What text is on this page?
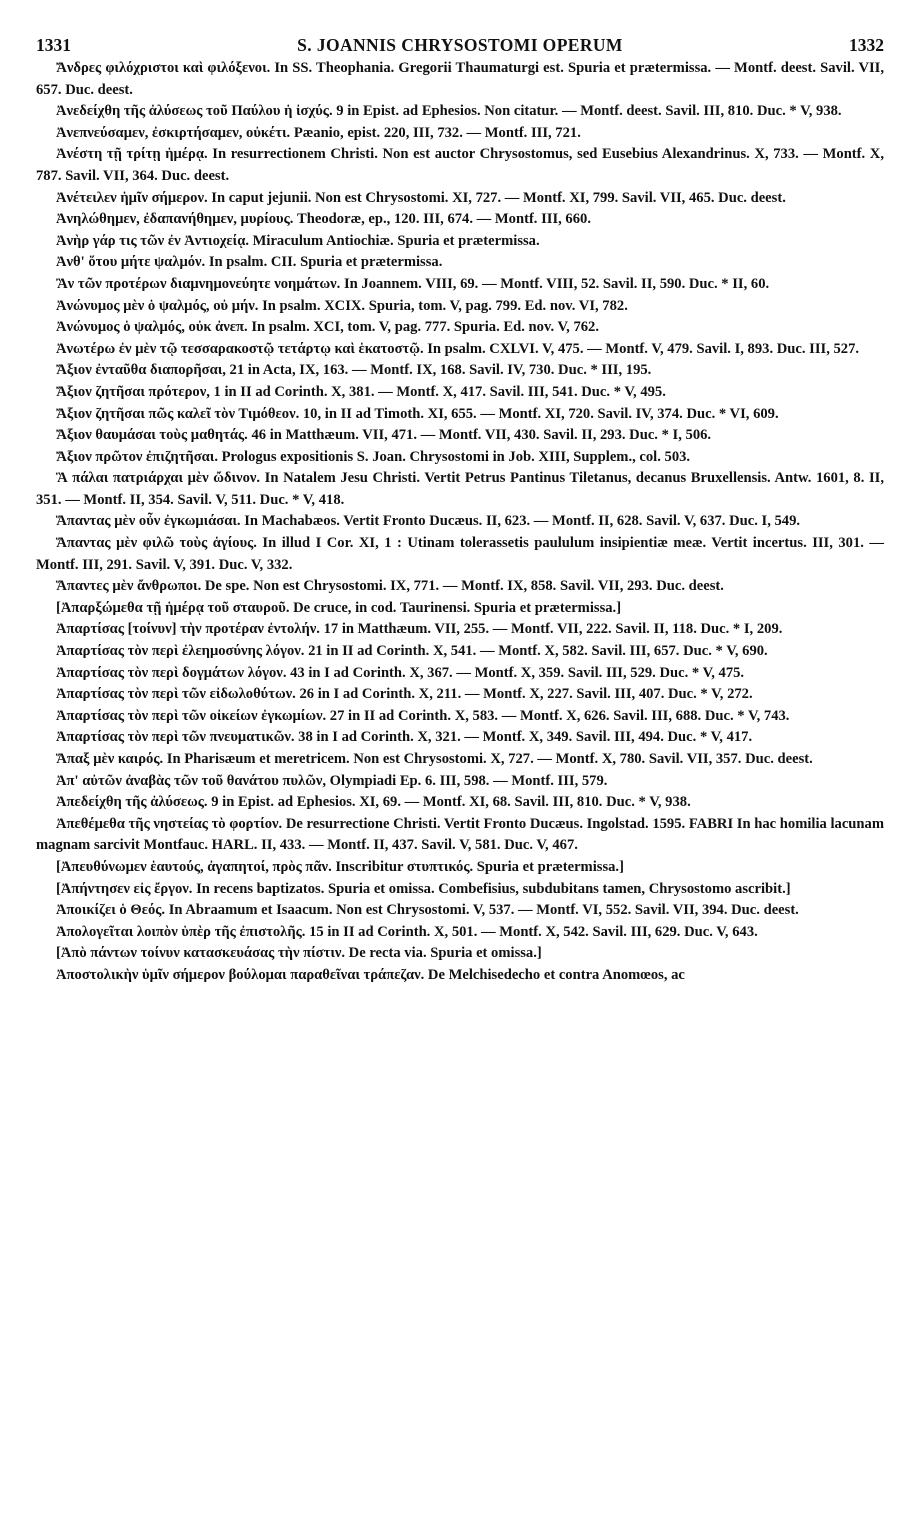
1331	S. JOANNIS CHRYSOSTOMI OPERUM	1332

Ἄνδρες φιλόχριστοι καὶ φιλόξενοι. In SS. Theophania. Gregorii Thaumaturgi est. Spuria et prætermissa. — Montf. deest. Savil. VII, 657. Duc. deest.

Ἀνεδείχθη τῆς ἀλύσεως τοῦ Παύλου ἡ ἰσχύς. 9 in Epist. ad Ephesios. Non citatur. — Montf. deest. Savil. III, 810. Duc. * V, 938.

Ἀνεπνεύσαμεν, ἐσκιρτήσαμεν, οὐκέτι. Pæanio, epist. 220, III, 732. — Montf. III, 721.

Ἀνέστη τῇ τρίτῃ ἡμέρᾳ. In resurrectionem Christi. Non est auctor Chrysostomus, sed Eusebius Alexandrinus. X, 733. — Montf. X, 787. Savil. VII, 364. Duc. deest.

Ἀνέτειλεν ἡμῖν σήμερον. In caput jejunii. Non est Chrysostomi. XI, 727. — Montf. XI, 799. Savil. VII, 465. Duc. deest.

Ἀνηλώθημεν, ἐδαπανήθημεν, μυρίους. Theodoræ, ep., 120. III, 674. — Montf. III, 660.

Ἀνὴρ γάρ τις τῶν ἐν Ἀντιοχείᾳ. Miraculum Antiochiæ. Spuria et prætermissa.

Ἀνθ' ὅτου μήτε ψαλμόν. In psalm. CII. Spuria et prætermissa.

Ἂν τῶν προτέρων διαμνημονεύητε νοημάτων. In Joannem. VIII, 69. — Montf. VIII, 52. Savil. II, 590. Duc. * II, 60.

Ἀνώνυμος μὲν ὁ ψαλμός, οὐ μήν. In psalm. XCIX. Spuria, tom. V, pag. 799. Ed. nov. VI, 782.

Ἀνώνυμος ὁ ψαλμός, οὐκ ἀνεπ. In psalm. XCI, tom. V, pag. 777. Spuria. Ed. nov. V, 762.

Ἀνωτέρω ἐν μὲν τῷ τεσσαρακοστῷ τετάρτῳ καὶ ἑκατοστῷ. In psalm. CXLVI. V, 475. — Montf. V, 479. Savil. I, 893. Duc. III, 527.

Ἄξιον ἐνταῦθα διαπορῆσαι, 21 in Acta, IX, 163. — Montf. IX, 168. Savil. IV, 730. Duc. * III, 195.

Ἄξιον ζητῆσαι πρότερον, 1 in II ad Corinth. X, 381. — Montf. X, 417. Savil. III, 541. Duc. * V, 495.

Ἄξιον ζητῆσαι πῶς καλεῖ τὸν Τιμόθεον. 10, in II ad Timoth. XI, 655. — Montf. XI, 720. Savil. IV, 374. Duc. * VI, 609.

Ἄξιον θαυμάσαι τοὺς μαθητάς. 46 in Matthæum. VII, 471. — Montf. VII, 430. Savil. II, 293. Duc. * I, 506.

Ἄξιον πρῶτον ἐπιζητῆσαι. Prologus expositionis S. Joan. Chrysostomi in Job. XIII, Supplem., col. 503.

Ἃ πάλαι πατριάρχαι μὲν ὤδινον. In Natalem Jesu Christi. Vertit Petrus Pantinus Tiletanus, decanus Bruxellensis. Antw. 1601, 8. II, 351. — Montf. II, 354. Savil. V, 511. Duc. * V, 418.

Ἅπαντας μὲν οὖν ἐγκωμιάσαι. In Machabæos. Vertit Fronto Ducæus. II, 623. — Montf. II, 628. Savil. V, 637. Duc. I, 549.

Ἅπαντας μὲν φιλῶ τοὺς ἁγίους. In illud I Cor. XI, 1 : Utinam tolerassetis paululum insipientiæ meæ. Vertit incertus. III, 301. — Montf. III, 291. Savil. V, 391. Duc. V, 332.

Ἅπαντες μὲν ἄνθρωποι. De spe. Non est Chrysostomi. IX, 771. — Montf. IX, 858. Savil. VII, 293. Duc. deest.

[Ἀπαρξώμεθα τῇ ἡμέρᾳ τοῦ σταυροῦ. De cruce, in cod. Taurinensi. Spuria et prætermissa.]

Ἀπαρτίσας [τοίνυν] τὴν προτέραν ἐντολήν. 17 in Matthæum. VII, 255. — Montf. VII, 222. Savil. II, 118. Duc. * I, 209.

Ἀπαρτίσας τὸν περὶ ἐλεημοσύνης λόγον. 21 in II ad Corinth. X, 541. — Montf. X, 582. Savil. III, 657. Duc. * V, 690.

Ἀπαρτίσας τὸν περὶ δογμάτων λόγον. 43 in I ad Corinth. X, 367. — Montf. X, 359. Savil. III, 529. Duc. * V, 475.

Ἀπαρτίσας τὸν περὶ τῶν εἰδωλοθύτων. 26 in I ad Corinth. X, 211. — Montf. X, 227. Savil. III, 407. Duc. * V, 272.

Ἀπαρτίσας τὸν περὶ τῶν οἰκείων ἐγκωμίων. 27 in II ad Corinth. X, 583. — Montf. X, 626. Savil. III, 688. Duc. * V, 743.

Ἀπαρτίσας τὸν περὶ τῶν πνευματικῶν. 38 in I ad Corinth. X, 321. — Montf. X, 349. Savil. III, 494. Duc. * V, 417.

Ἅπαξ μὲν καιρός. In Pharisæum et meretricem. Non est Chrysostomi. X, 727. — Montf. X, 780. Savil. VII, 357. Duc. deest.

Ἀπ' αὐτῶν ἀναβὰς τῶν τοῦ θανάτου πυλῶν, Olympiadi Ep. 6. III, 598. — Montf. III, 579.

Ἀπεδείχθη τῆς ἀλύσεως. 9 in Epist. ad Ephesios. XI, 69. — Montf. XI, 68. Savil. III, 810. Duc. * V, 938.

Ἀπεθέμεθα τῆς νηστείας τὸ φορτίον. De resurrectione Christi. Vertit Fronto Ducæus. Ingolstad. 1595. FABRI In hac homilia lacunam magnam sarcivit Montfauc. HARL. II, 433. — Montf. II, 437. Savil. V, 581. Duc. V, 467.

[Ἀπευθύνωμεν ἑαυτούς, ἀγαπητοί, πρὸς πᾶν. Inscribitur στυπτικός. Spuria et prætermissa.]

[Ἀπήντησεν εἰς ἔργον. In recens baptizatos. Spuria et omissa. Combefisius, subdubitans tamen, Chrysostomo ascribit.]

Ἀποικίζει ὁ Θεός. In Abraamum et Isaacum. Non est Chrysostomi. V, 537. — Montf. VI, 552. Savil. VII, 394. Duc. deest.

Ἀπολογεῖται λοιπὸν ὑπὲρ τῆς ἐπιστολῆς. 15 in II ad Corinth. X, 501. — Montf. X, 542. Savil. III, 629. Duc. V, 643.

[Ἀπὸ πάντων τοίνυν κατασκευάσας τὴν πίστιν. De recta via. Spuria et omissa.]

Ἀποστολικὴν ὑμῖν σήμερον βούλομαι παραθεῖναι τράπεζαν. De Melchisedecho et contra Anomœos, ac
